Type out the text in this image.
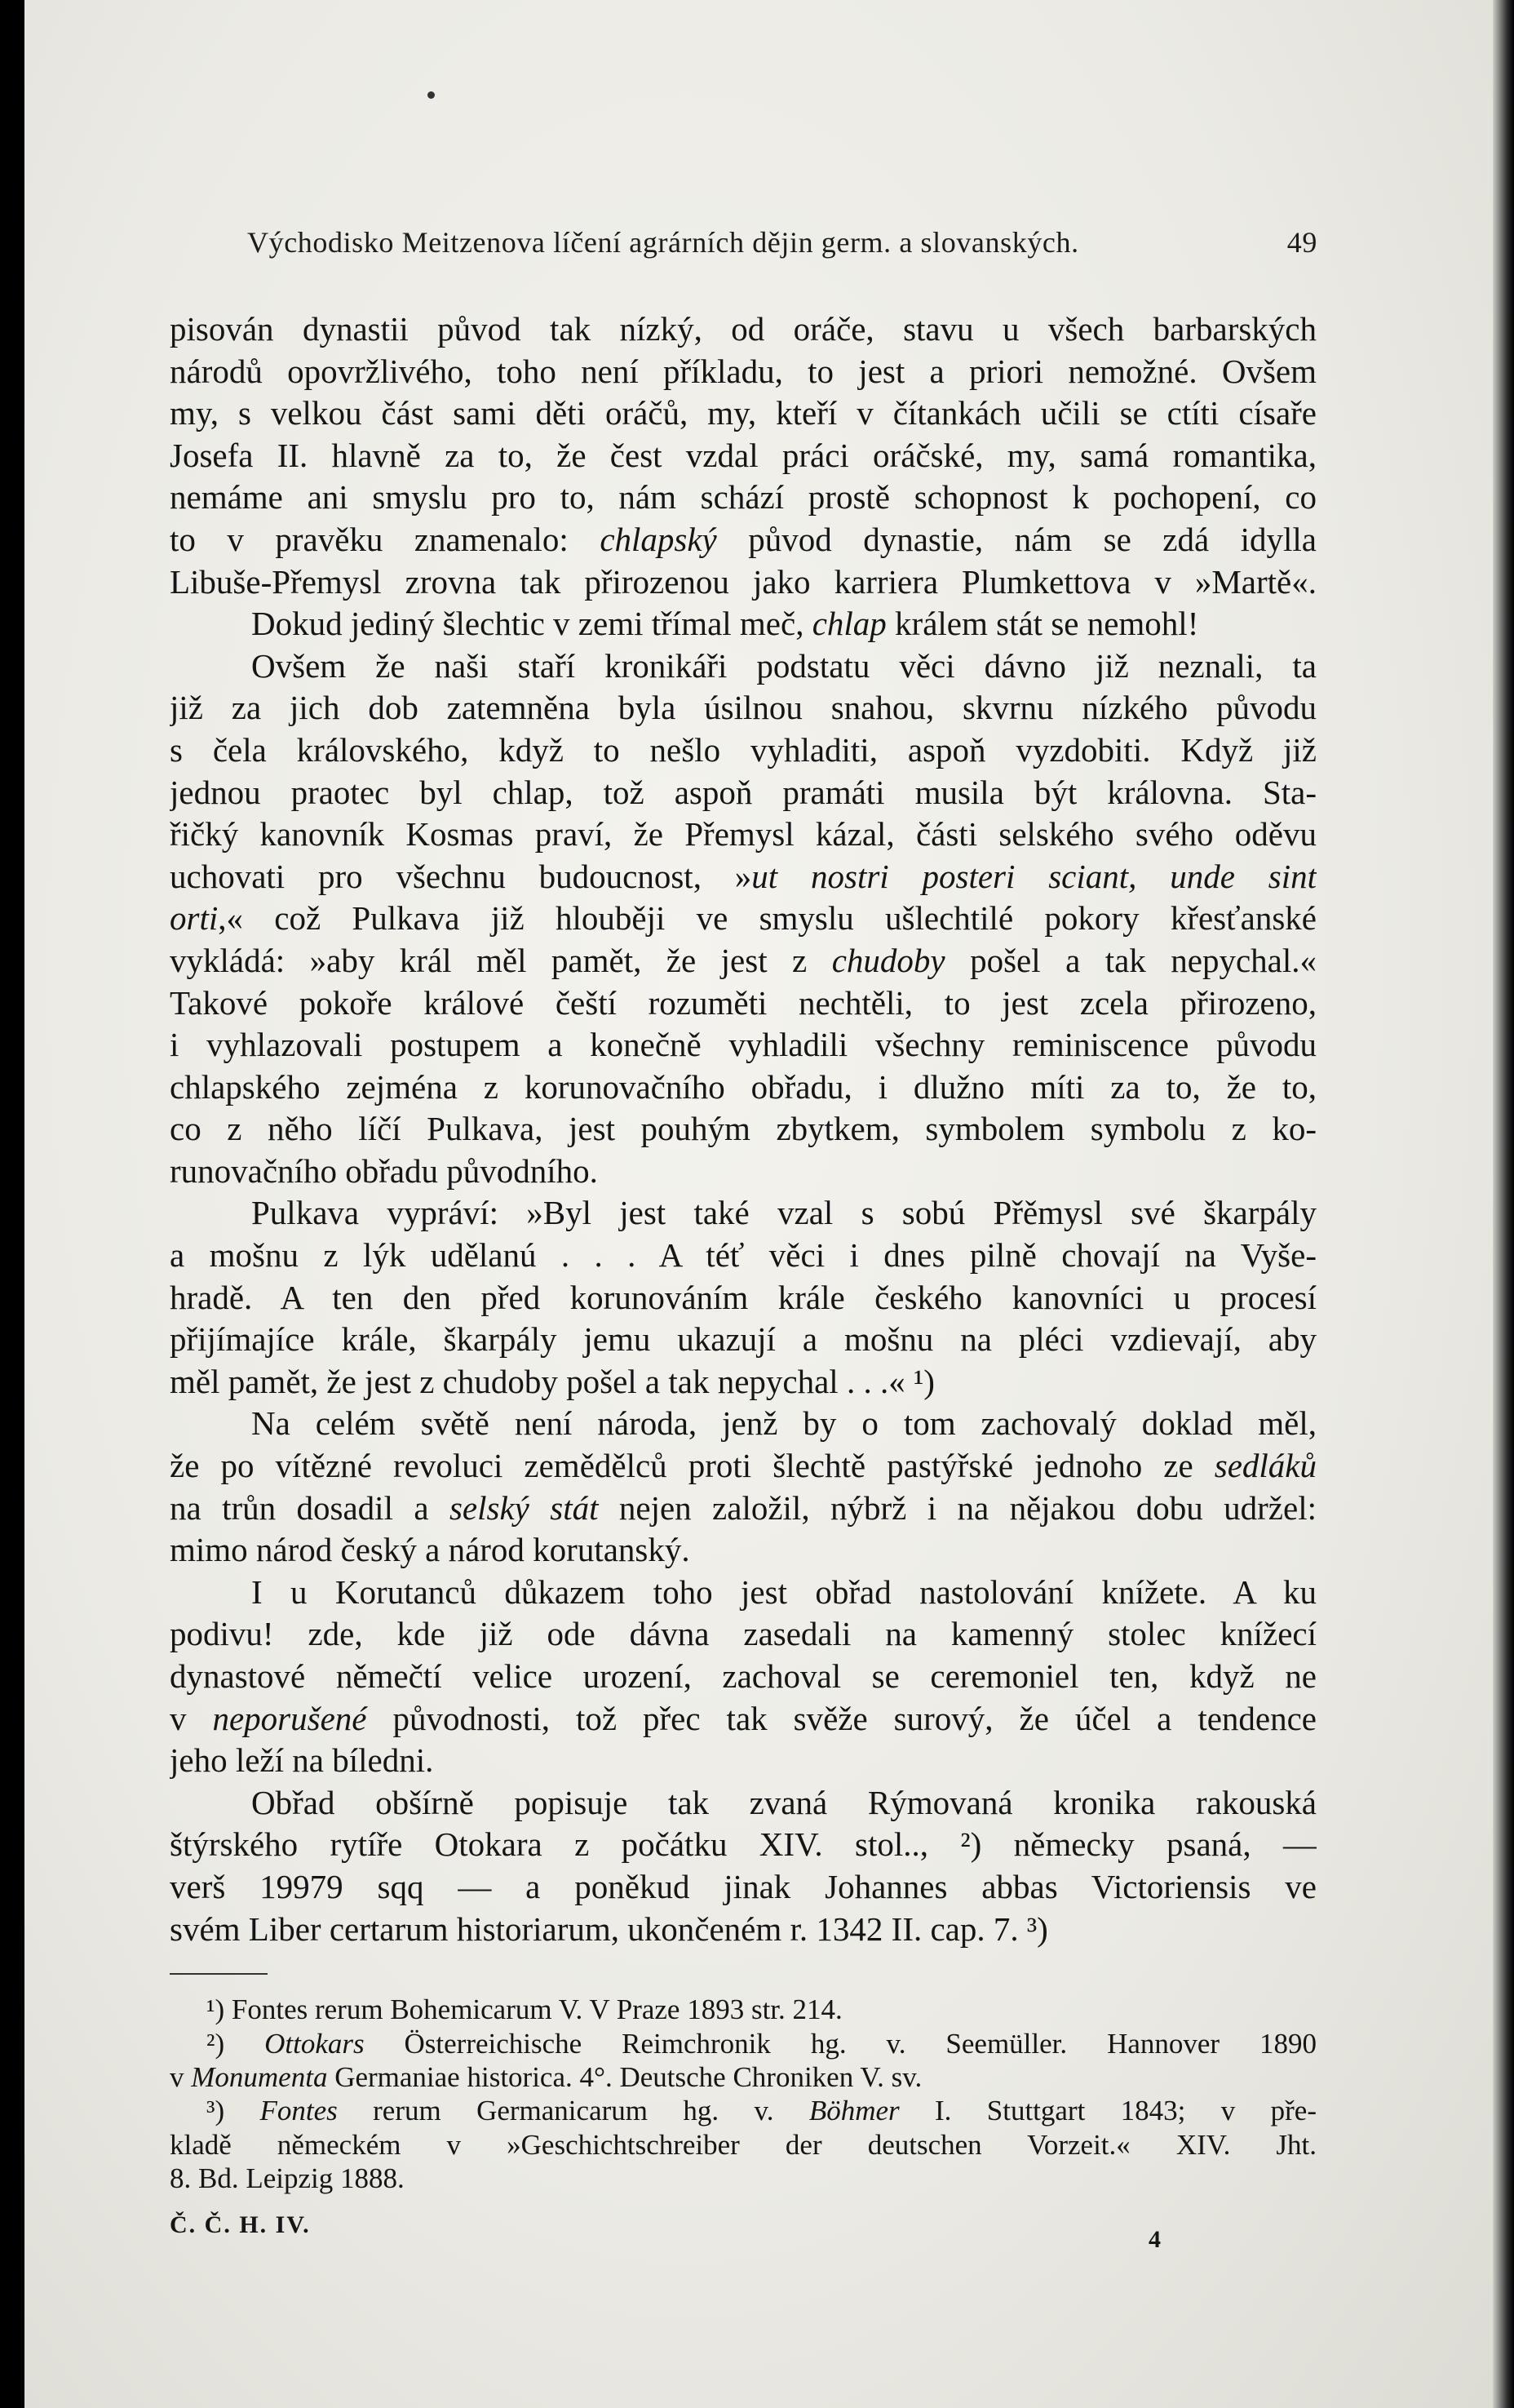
Východisko Meitzenova líčení agrárních dějin germ. a slovanských.	49
pisován dynastii původ tak nízký, od oráče, stavu u všech barbarských
národů opovržlivého, toho není příkladu, to jest a priori nemožné. Ovšem
my, s velkou část sami děti oráčů, my, kteří v čítankách učili se ctíti císaře
Josefa II. hlavně za to, že čest vzdal práci oráčské, my, samá romantika,
nemáme ani smyslu pro to, nám schází prostě schopnost k pochopení, co
to v pravěku znamenalo: chlapský původ dynastie, nám se zdá idylla
Libuše-Přemysl zrovna tak přirozenou jako karriera Plumkettova v »Martě«.
Dokud jediný šlechtic v zemi třímal meč, chlap králem stát se nemohl!
Ovšem že naši staří kronikáři podstatu věci dávno již neznali, ta
již za jich dob zatemněna byla úsilnou snahou, skvrnu nízkého původu
s čela královského, když to nešlo vyhladiti, aspoň vyzdobiti. Když již
jednou praotec byl chlap, tož aspoň pramáti musila být královna. Sta-
řičký kanovník Kosmas praví, že Přemysl kázal, části selského svého oděvu
uchovati pro všechnu budoucnost, »ut nostri posteri sciant, unde sint
orti,« což Pulkava již hlouběji ve smyslu ušlechtilé pokory křesťanské
vykládá: »aby král měl pamět, že jest z chudoby pošel a tak nepychal.«
Takové pokoře králové čeští rozuměti nechtěli, to jest zcela přirozeno,
i vyhlazovali postupem a konečně vyhladili všechny reminiscence původu
chlapského zejména z korunovačního obřadu, i dlužno míti za to, že to,
co z něho líčí Pulkava, jest pouhým zbytkem, symbolem symbolu z ko-
runovačního obřadu původního.
Pulkava vypráví: »Byl jest také vzal s sobú Přěmysl své škarpály
a mošnu z lýk udělanú . . . A téť věci i dnes pilně chovají na Vyše-
hradě. A ten den před korunováním krále českého kanovníci u procesí
přijímajíce krále, škarpály jemu ukazují a mošnu na pléci vzdievají, aby
měl pamět, že jest z chudoby pošel a tak nepychal . . .« ¹)
Na celém světě není národa, jenž by o tom zachovalý doklad měl,
že po vítězné revoluci zemědělců proti šlechtě pastýřské jednoho ze sedláků
na trůn dosadil a selský stát nejen založil, nýbrž i na nějakou dobu udržel:
mimo národ český a národ korutanský.
I u Korutanců důkazem toho jest obřad nastolování knížete. A ku
podivu! zde, kde již ode dávna zasedali na kamenný stolec knížecí
dynastové němečtí velice urození, zachoval se ceremoniel ten, když ne
v neporušené původnosti, tož přec tak svěže surový, že účel a tendence
jeho leží na bíledni.
Obřad obšírně popisuje tak zvaná Rýmovaná kronika rakouská
štýrského rytíře Otokara z počátku XIV. stol.., ²) německy psaná, —
verš 19979 sqq — a poněkud jinak Johannes abbas Victoriensis ve
svém Liber certarum historiarum, ukončeném r. 1342 II. cap. 7. ³)
¹) Fontes rerum Bohemicarum V. V Praze 1893 str. 214.
²) Ottokars Österreichische Reimchronik hg. v. Seemüller. Hannover 1890
v Monumenta Germaniae historica. 4°. Deutsche Chroniken V. sv.
³) Fontes rerum Germanicarum hg. v. Böhmer I. Stuttgart 1843; v pře-
kladě německém v »Geschichtschreiber der deutschen Vorzeit.« XIV. Jht.
8. Bd. Leipzig 1888.
Č. Č. H. IV.
4
